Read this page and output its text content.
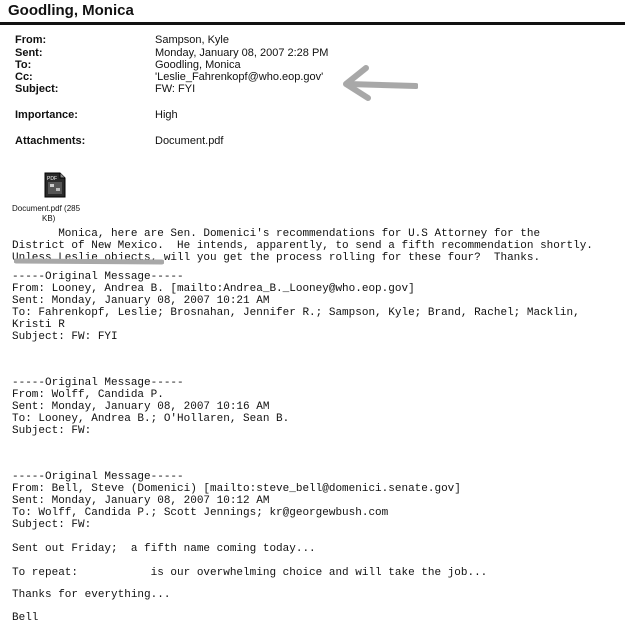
Goodling, Monica
From:	Sampson, Kyle
Sent:	Monday, January 08, 2007 2:28 PM
To:	Goodling, Monica
Cc:	'Leslie_Fahrenkopf@who.eop.gov'
Subject:	FW: FYI
Importance:	High
Attachments:	Document.pdf
PDF
Document.pdf (285
KB)
Monica, here are Sen. Domenici's recommendations for U.S Attorney for the
District of New Mexico.  He intends, apparently, to send a fifth recommendation shortly.
Unless Leslie objects, will you get the process rolling for these four?  Thanks.
-----Original Message-----
From: Looney, Andrea B. [mailto:Andrea_B._Looney@who.eop.gov]
Sent: Monday, January 08, 2007 10:21 AM
To: Fahrenkopf, Leslie; Brosnahan, Jennifer R.; Sampson, Kyle; Brand, Rachel; Macklin,
Kristi R
Subject: FW: FYI
-----Original Message-----
From: Wolff, Candida P.
Sent: Monday, January 08, 2007 10:16 AM
To: Looney, Andrea B.; O'Hollaren, Sean B.
Subject: FW:
-----Original Message-----
From: Bell, Steve (Domenici) [mailto:steve_bell@domenici.senate.gov]
Sent: Monday, January 08, 2007 10:12 AM
To: Wolff, Candida P.; Scott Jennings; kr@georgewbush.com
Subject: FW:
Sent out Friday;  a fifth name coming today...
To repeat:           is our overwhelming choice and will take the job...
Thanks for everything...
Bell
